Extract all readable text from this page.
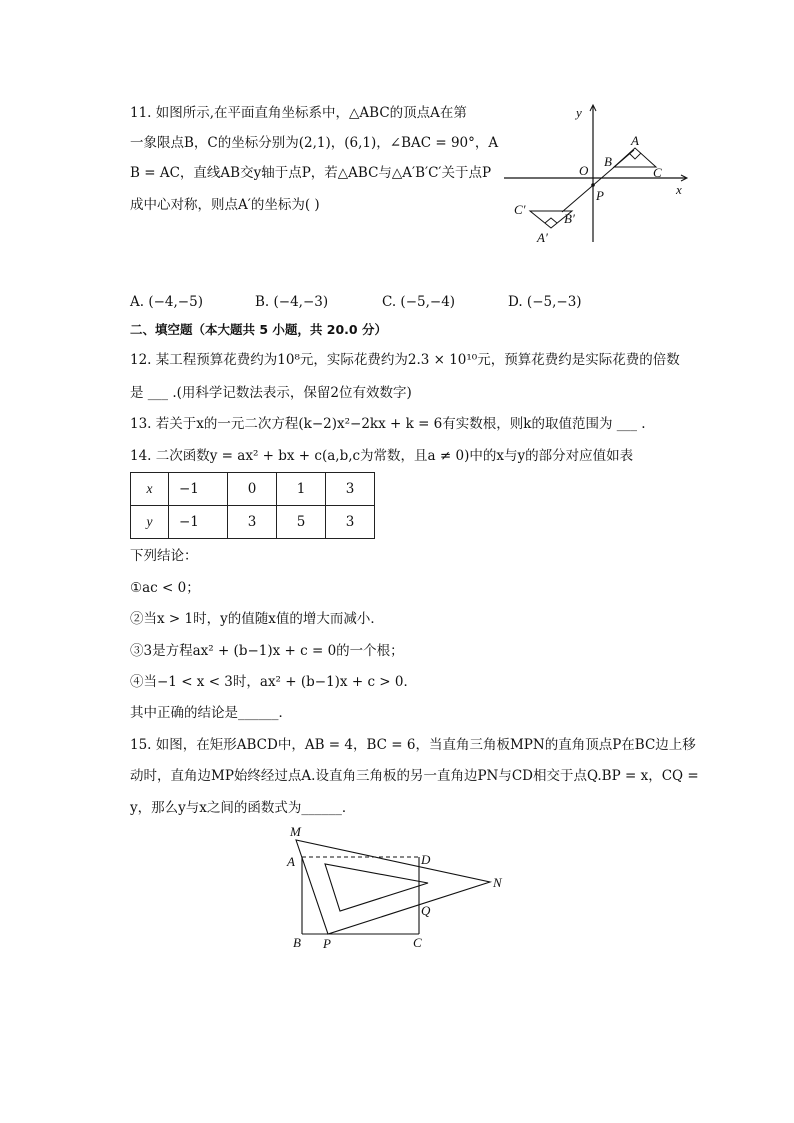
11. 如图所示,在平面直角坐标系中，△ABC的顶点A在第
一象限点B，C的坐标分别为(2,1)，(6,1)，∠BAC = 90°，A
B = AC，直线AB交y轴于点P，若△ABC与△A′B′C′关于点P
成中心对称，则点A′的坐标为( )
y
x
O
P
A
B
C
C′
B′
A′
A. (−4,−5)	B. (−4,−3)	C. (−5,−4)	D. (−5,−3)
二、填空题（本大题共 5 小题，共 20.0 分）
12. 某工程预算花费约为10⁸元，实际花费约为2.3 × 10¹⁰元，预算花费约是实际花费的倍数
是 ___ .(用科学记数法表示，保留2位有效数字)
13. 若关于x的一元二次方程(k−2)x²−2kx + k = 6有实数根，则k的取值范围为 ___ .
14. 二次函数y = ax² + bx + c(a,b,c为常数，且a ≠ 0)中的x与y的部分对应值如表
x	−1	0	1	3
y	−1	3	5	3
下列结论：
①ac < 0；
②当x > 1时，y的值随x值的增大而减小．
③3是方程ax² + (b−1)x + c = 0的一个根；
④当−1 < x < 3时，ax² + (b−1)x + c > 0．
其中正确的结论是______．
15. 如图，在矩形ABCD中，AB = 4，BC = 6，当直角三角板MPN的直角顶点P在BC边上移
动时，直角边MP始终经过点A.设直角三角板的另一直角边PN与CD相交于点Q.BP = x，CQ =
y，那么y与x之间的函数式为______．
M
A	D
N
Q
B P	C
